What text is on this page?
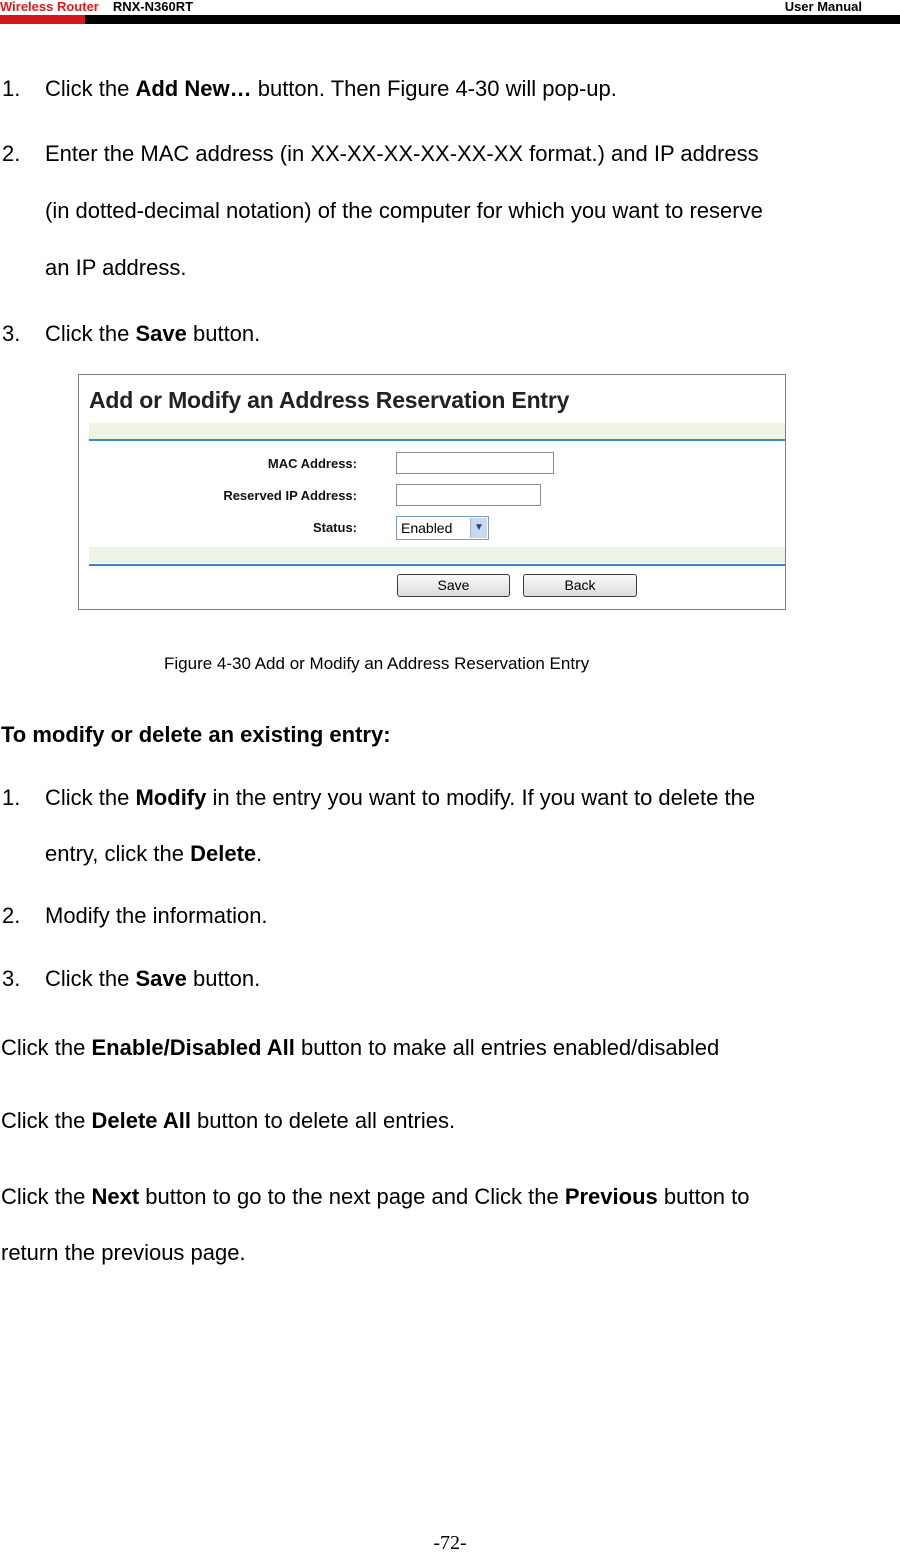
Wireless Router RNX-N360RT	User Manual
1. Click the Add New… button. Then Figure 4-30 will pop-up.
2. Enter the MAC address (in XX-XX-XX-XX-XX-XX format.) and IP address
(in dotted-decimal notation) of the computer for which you want to reserve
an IP address.
3. Click the Save button.
Add or Modify an Address Reservation Entry
MAC Address:
Reserved IP Address:
Status:	Enabled	▼
Save	Back
Figure 4-30 Add or Modify an Address Reservation Entry
To modify or delete an existing entry:
1. Click the Modify in the entry you want to modify. If you want to delete the
entry, click the Delete.
2. Modify the information.
3. Click the Save button.
Click the Enable/Disabled All button to make all entries enabled/disabled
Click the Delete All button to delete all entries.
Click the Next button to go to the next page and Click the Previous button to
return the previous page.
-72-
